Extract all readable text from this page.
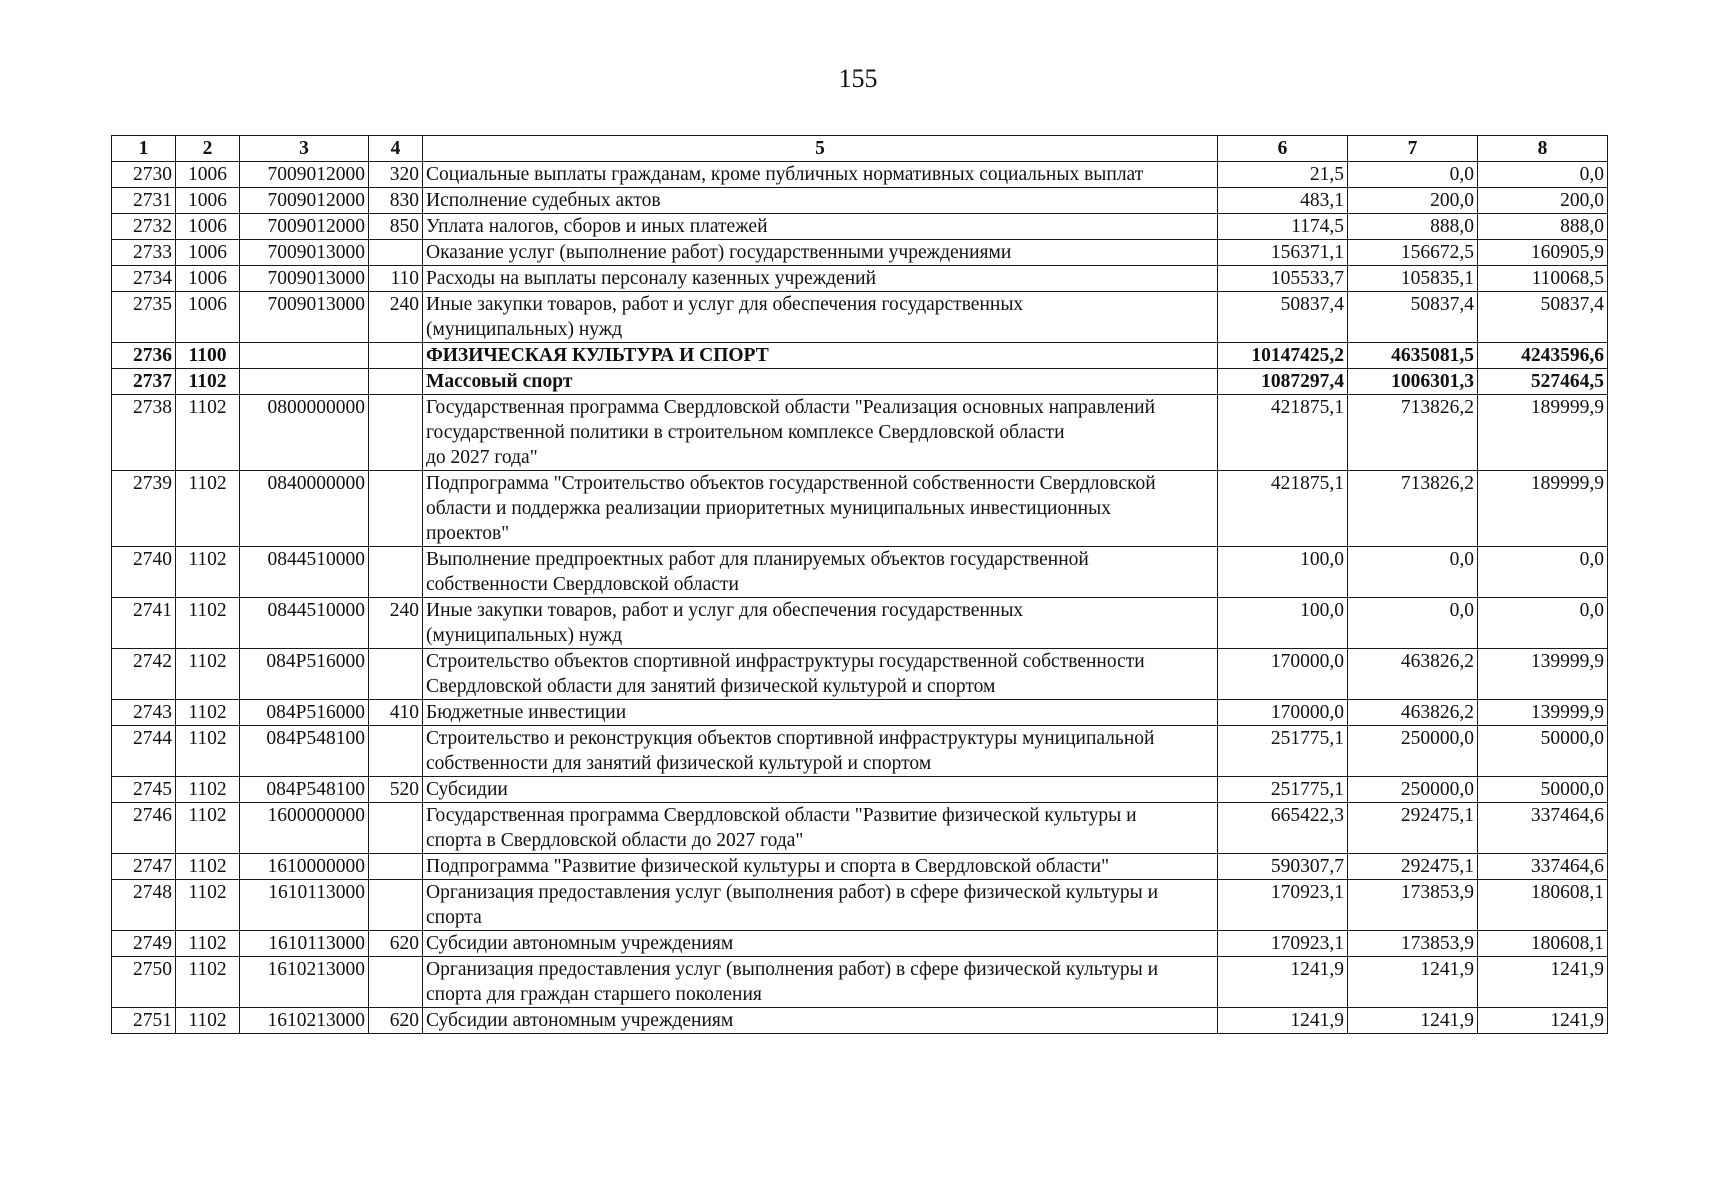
155
1	2	3	4	5	6	7	8
2730	1006	7009012000	320	Социальные выплаты гражданам, кроме публичных нормативных социальных выплат	21,5	0,0	0,0
2731	1006	7009012000	830	Исполнение судебных актов	483,1	200,0	200,0
2732	1006	7009012000	850	Уплата налогов, сборов и иных платежей	1174,5	888,0	888,0
2733	1006	7009013000		Оказание услуг (выполнение работ) государственными учреждениями	156371,1	156672,5	160905,9
2734	1006	7009013000	110	Расходы на выплаты персоналу казенных учреждений	105533,7	105835,1	110068,5
2735	1006	7009013000	240	Иные закупки товаров, работ и услуг для обеспечения государственных
(муниципальных) нужд	50837,4	50837,4	50837,4
2736	1100			ФИЗИЧЕСКАЯ КУЛЬТУРА И СПОРТ	10147425,2	4635081,5	4243596,6
2737	1102			Массовый спорт	1087297,4	1006301,3	527464,5
2738	1102	0800000000		Государственная программа Свердловской области "Реализация основных направлений
государственной политики в строительном комплексе Свердловской области
до 2027 года"	421875,1	713826,2	189999,9
2739	1102	0840000000		Подпрограмма "Строительство объектов государственной собственности Свердловской
области и поддержка реализации приоритетных муниципальных инвестиционных
проектов"	421875,1	713826,2	189999,9
2740	1102	0844510000		Выполнение предпроектных работ для планируемых объектов государственной
собственности Свердловской области	100,0	0,0	0,0
2741	1102	0844510000	240	Иные закупки товаров, работ и услуг для обеспечения государственных
(муниципальных) нужд	100,0	0,0	0,0
2742	1102	084P516000		Строительство объектов спортивной инфраструктуры государственной собственности
Свердловской области для занятий физической культурой и спортом	170000,0	463826,2	139999,9
2743	1102	084P516000	410	Бюджетные инвестиции	170000,0	463826,2	139999,9
2744	1102	084P548100		Строительство и реконструкция объектов спортивной инфраструктуры муниципальной
собственности для занятий физической культурой и спортом	251775,1	250000,0	50000,0
2745	1102	084P548100	520	Субсидии	251775,1	250000,0	50000,0
2746	1102	1600000000		Государственная программа Свердловской области "Развитие физической культуры и
спорта в Свердловской области до 2027 года"	665422,3	292475,1	337464,6
2747	1102	1610000000		Подпрограмма "Развитие физической культуры и спорта в Свердловской области"	590307,7	292475,1	337464,6
2748	1102	1610113000		Организация предоставления услуг (выполнения работ) в сфере физической культуры и
спорта	170923,1	173853,9	180608,1
2749	1102	1610113000	620	Субсидии автономным учреждениям	170923,1	173853,9	180608,1
2750	1102	1610213000		Организация предоставления услуг (выполнения работ) в сфере физической культуры и
спорта для граждан старшего поколения	1241,9	1241,9	1241,9
2751	1102	1610213000	620	Субсидии автономным учреждениям	1241,9	1241,9	1241,9
